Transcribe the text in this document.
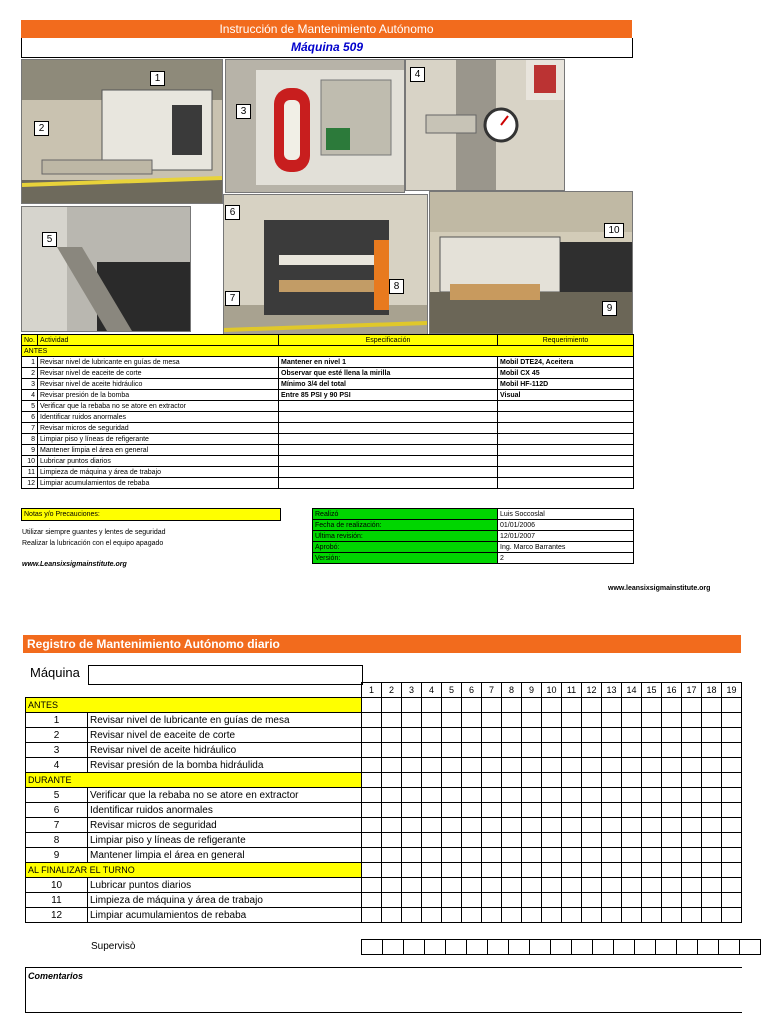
Instrucción de Mantenimiento Autónomo
Máquina 509
1
2
3
4
5
6
7
8
9
10
No.	Actividad	Especificación	Requerimiento
ANTES			
1	Revisar nivel de lubricante en guías de mesa	Mantener en nivel 1	Mobil DTE24, Aceitera
2	Revisar nivel de eaceite de corte	Observar que esté llena la mirilla	Mobil CX 45
3	Revisar nivel de aceite hidráulico	Mínimo 3/4 del total	Mobil HF-112D
4	Revisar presión de la bomba	Entre 85 PSI y 90 PSI	Visual
5	Verificar que la rebaba no se atore en extractor		
6	Identificar ruidos anormales		
7	Revisar micros de seguridad		
8	Limpiar piso y líneas de refigerante		
9	Mantener limpia el área en general		
10	Lubricar puntos diarios		
11	Limpieza de máquina y área de trabajo		
12	Limpiar acumulamientos de rebaba		
Notas y/o Precauciones:
Utilizar siempre guantes y lentes de seguridad
Realizar la lubricación con el equipo apagado
Realizó	Luis Soccoslal
Fecha de realización:	01/01/2006
Ultima revisión:	12/01/2007
Aprobó:	Ing. Marco Barrantes
Versión:	2
www.Leansixsigmainstitute.org
www.leansixsigmainstitute.org
Registro de Mantenimiento Autónomo diario
Máquina
		1	2	3	4	5	6	7	8	9	10	11	12	13	14	15	16	17	18	19
ANTES																				
1	Revisar nivel de lubricante en guías de mesa																			
2	Revisar nivel de eaceite de corte																			
3	Revisar nivel de aceite hidráulico																			
4	Revisar presión de la bomba hidráulida																			
DURANTE																				
5	Verificar que la rebaba no se atore en extractor																			
6	Identificar ruidos anormales																			
7	Revisar micros de seguridad																			
8	Limpiar piso y líneas de refigerante																			
9	Mantener limpia el área en general																			
AL FINALIZAR EL TURNO																				
10	Lubricar puntos diarios																			
11	Limpieza de máquina y área de trabajo																			
12	Limpiar acumulamientos de rebaba																			
Supervisò

Comentarios
